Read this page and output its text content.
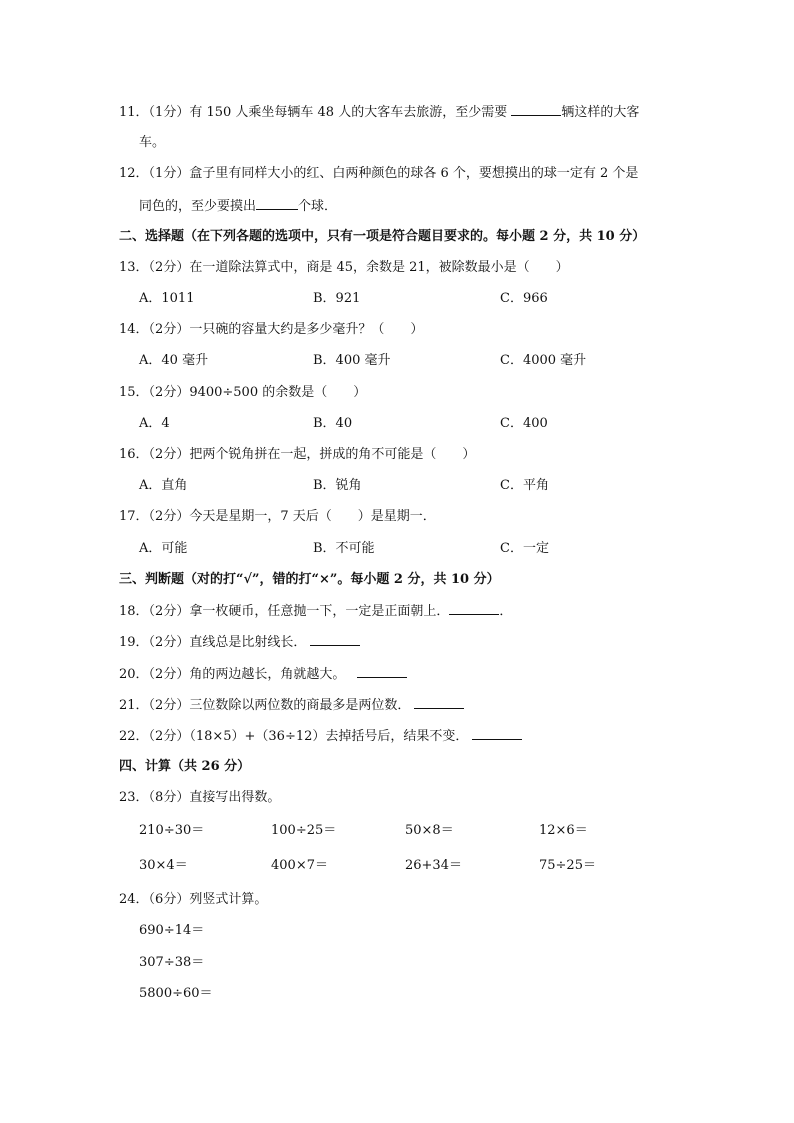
11．（1分）有 150 人乘坐每辆车 48 人的大客车去旅游，至少需要	辆这样的大客
车。
12．（1分）盒子里有同样大小的红、白两种颜色的球各 6 个，要想摸出的球一定有 2 个是
同色的，至少要摸出	个球．
二、选择题（在下列各题的选项中，只有一项是符合题目要求的。每小题 2 分，共 10 分）
13．（2分）在一道除法算式中，商是 45，余数是 21，被除数最小是（　　）
A．1011	B．921	C．966
14．（2分）一只碗的容量大约是多少毫升？（　　）
A．40 毫升	B．400 毫升	C．4000 毫升
15．（2分）9400÷500 的余数是（　　）
A．4	B．40	C．400
16．（2分）把两个锐角拼在一起，拼成的角不可能是（　　）
A．直角	B．锐角	C．平角
17．（2分）今天是星期一，7 天后（　　）是星期一．
A．可能	B．不可能	C．一定
三、判断题（对的打“√”，错的打“×”。每小题 2 分，共 10 分）
18．（2分）拿一枚硬币，任意抛一下，一定是正面朝上．	．
19．（2分）直线总是比射线长．
20．（2分）角的两边越长，角就越大。
21．（2分）三位数除以两位数的商最多是两位数．
22．（2分）（18×5）+（36÷12）去掉括号后，结果不变．
四、计算（共 26 分）
23．（8分）直接写出得数。
210÷30＝	100÷25＝	50×8＝	12×6＝
30×4＝	400×7＝	26+34＝	75÷25＝
24．（6分）列竖式计算。
690÷14＝
307÷38＝
5800÷60＝
